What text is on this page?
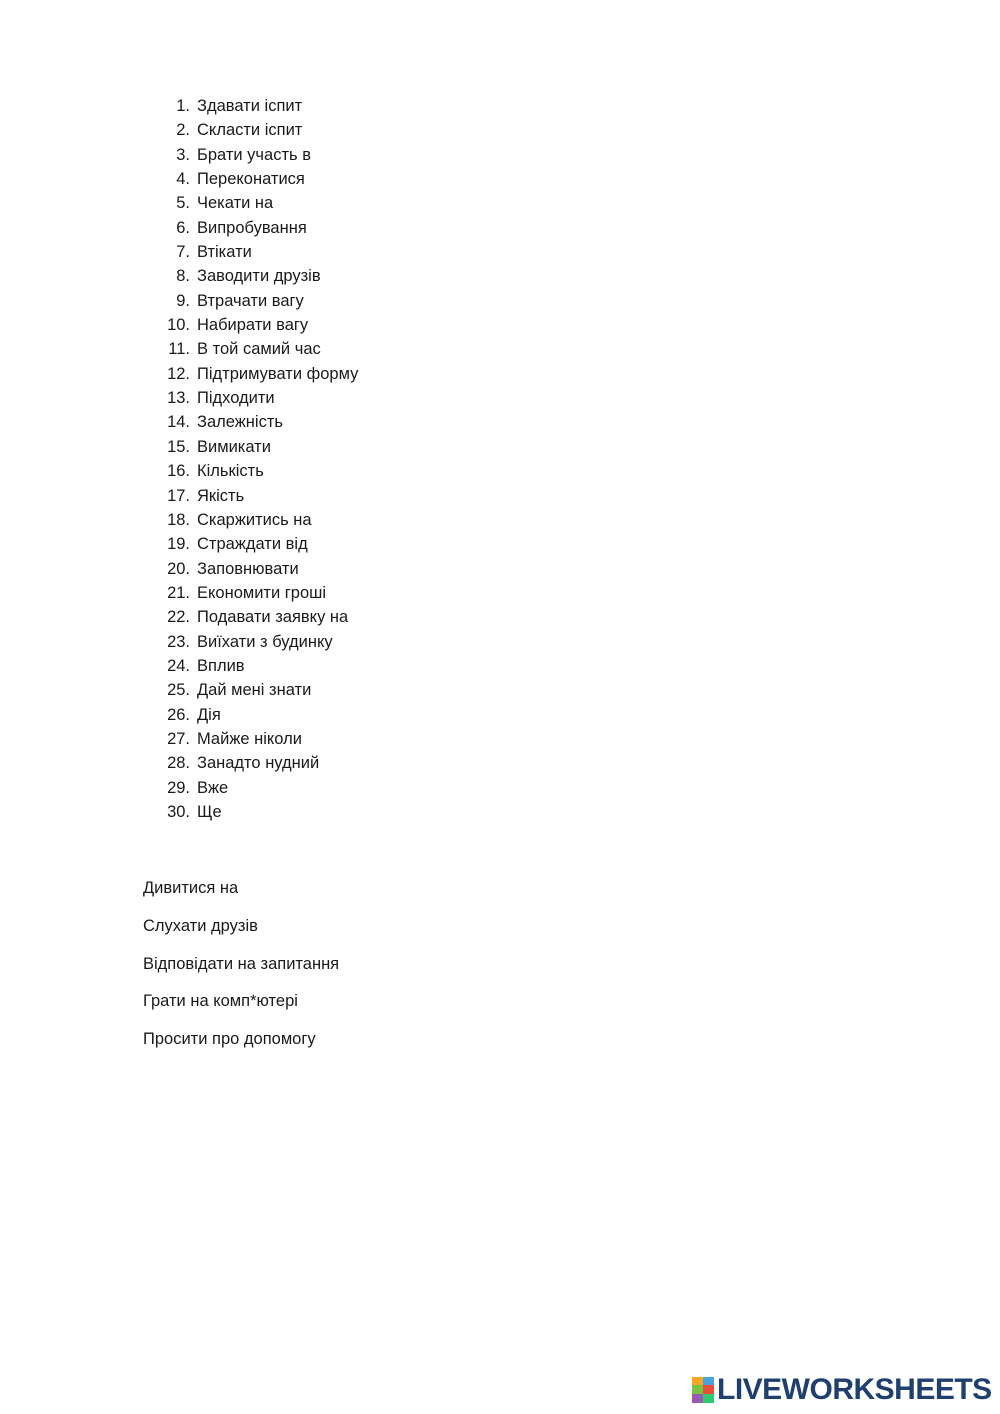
1. Здавати іспит
2. Скласти іспит
3. Брати участь в
4. Переконатися
5. Чекати на
6. Випробування
7. Втікати
8. Заводити друзів
9. Втрачати вагу
10. Набирати вагу
11. В той самий час
12. Підтримувати форму
13. Підходити
14. Залежність
15. Вимикати
16. Кількість
17. Якість
18. Скаржитись на
19. Страждати від
20. Заповнювати
21. Економити гроші
22. Подавати заявку на
23. Виїхати з будинку
24. Вплив
25. Дай мені знати
26. Дія
27. Майже ніколи
28. Занадто нудний
29. Вже
30. Ще
Дивитися на
Слухати друзів
Відповідати на запитання
Грати на комп*ютері
Просити про допомогу
LIVEWORKSHEETS
